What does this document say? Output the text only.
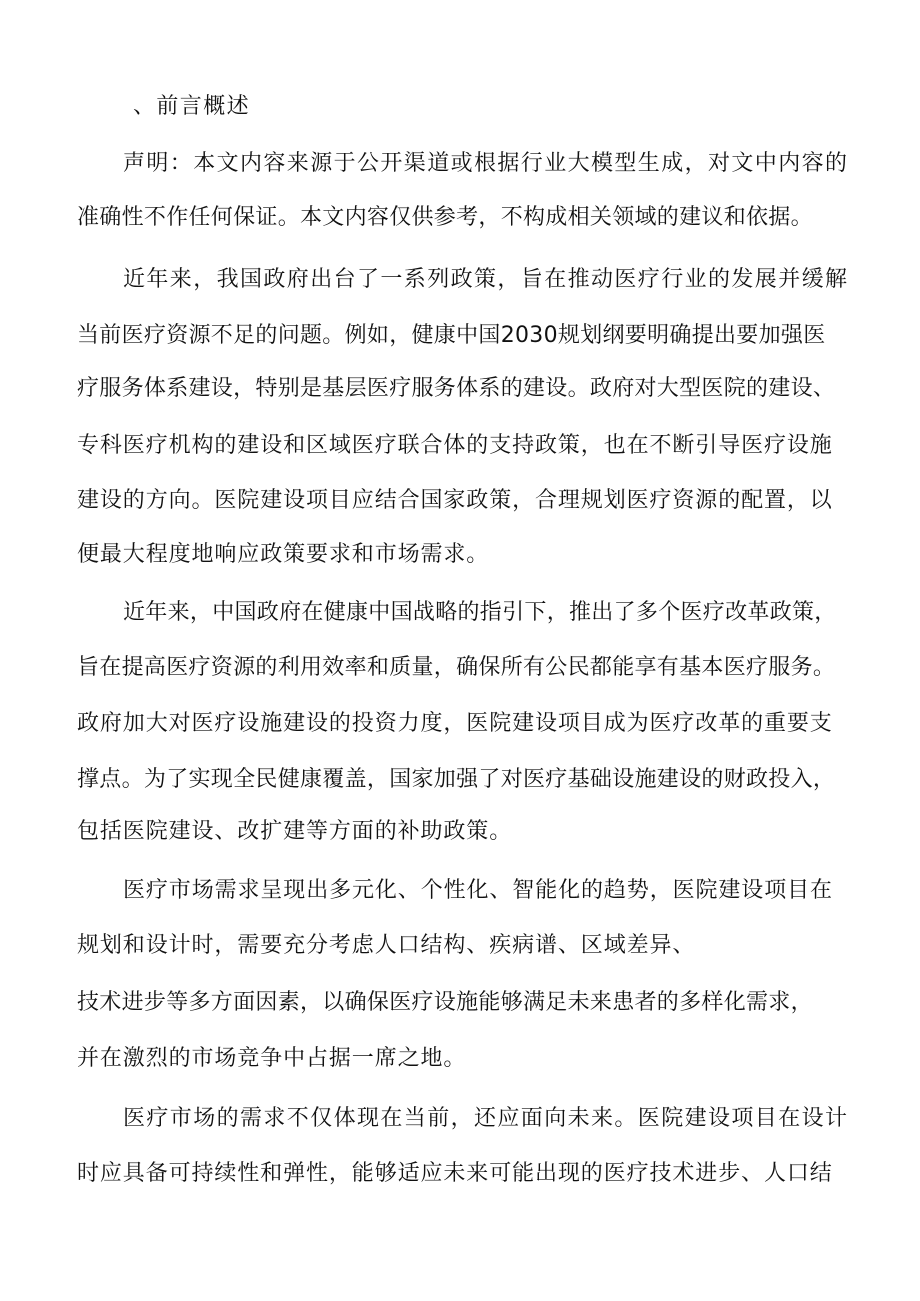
、前言概述
声明：本文内容来源于公开渠道或根据行业大模型生成，对文中内容的
准确性不作任何保证。本文内容仅供参考，不构成相关领域的建议和依据。
近年来，我国政府出台了一系列政策，旨在推动医疗行业的发展并缓解
当前医疗资源不足的问题。例如，健康中国2030规划纲要明确提出要加强医
疗服务体系建设，特别是基层医疗服务体系的建设。政府对大型医院的建设、
专科医疗机构的建设和区域医疗联合体的支持政策，也在不断引导医疗设施
建设的方向。医院建设项目应结合国家政策，合理规划医疗资源的配置，以
便最大程度地响应政策要求和市场需求。
近年来，中国政府在健康中国战略的指引下，推出了多个医疗改革政策，
旨在提高医疗资源的利用效率和质量，确保所有公民都能享有基本医疗服务。
政府加大对医疗设施建设的投资力度，医院建设项目成为医疗改革的重要支
撑点。为了实现全民健康覆盖，国家加强了对医疗基础设施建设的财政投入，
包括医院建设、改扩建等方面的补助政策。
医疗市场需求呈现出多元化、个性化、智能化的趋势，医院建设项目在
规划和设计时，需要充分考虑人口结构、疾病谱、区域差异、
技术进步等多方面因素，以确保医疗设施能够满足未来患者的多样化需求，
并在激烈的市场竞争中占据一席之地。
医疗市场的需求不仅体现在当前，还应面向未来。医院建设项目在设计
时应具备可持续性和弹性，能够适应未来可能出现的医疗技术进步、人口结
